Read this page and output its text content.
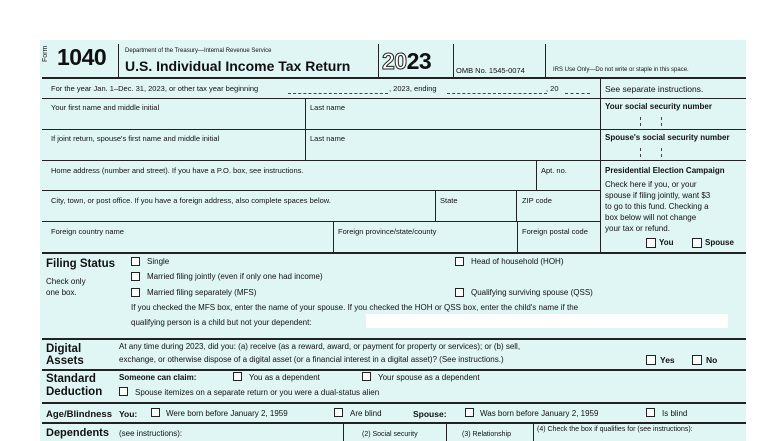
Form 1040	Department of the Treasury—Internal Revenue Service
U.S. Individual Income Tax Return 2023	OMB No. 1545-0074	IRS Use Only—Do not write or staple in this space.
For the year Jan. 1–Dec. 31, 2023, or other tax year beginning	, 2023, ending	, 20	See separate instructions.
Your first name and middle initial	Last name	Your social security number
If joint return, spouse's first name and middle initial	Last name	Spouse's social security number
Home address (number and street). If you have a P.O. box, see instructions.	Apt. no.
City, town, or post office. If you have a foreign address, also complete spaces below.	State	ZIP code
Foreign country name	Foreign province/state/county	Foreign postal code
Presidential Election Campaign
Check here if you, or your
spouse if filing jointly, want $3
to go to this fund. Checking a
box below will not change
your tax or refund.
You	Spouse
Filing Status
Check only
one box.
Single	Head of household (HOH)
Married filing jointly (even if only one had income)
Married filing separately (MFS)	Qualifying surviving spouse (QSS)
If you checked the MFS box, enter the name of your spouse. If you checked the HOH or QSS box, enter the child's name if the
qualifying person is a child but not your dependent:
Digital
Assets
At any time during 2023, did you: (a) receive (as a reward, award, or payment for property or services); or (b) sell,
exchange, or otherwise dispose of a digital asset (or a financial interest in a digital asset)? (See instructions.)	Yes	No
Standard
Deduction
Someone can claim:	You as a dependent	Your spouse as a dependent
Spouse itemizes on a separate return or you were a dual-status alien
Age/Blindness You:	Were born before January 2, 1959	Are blind	Spouse:	Was born before January 2, 1959	Is blind
Dependents (see instructions):	(2) Social security	(3) Relationship
(4) Check the box if qualifies for (see instructions):
